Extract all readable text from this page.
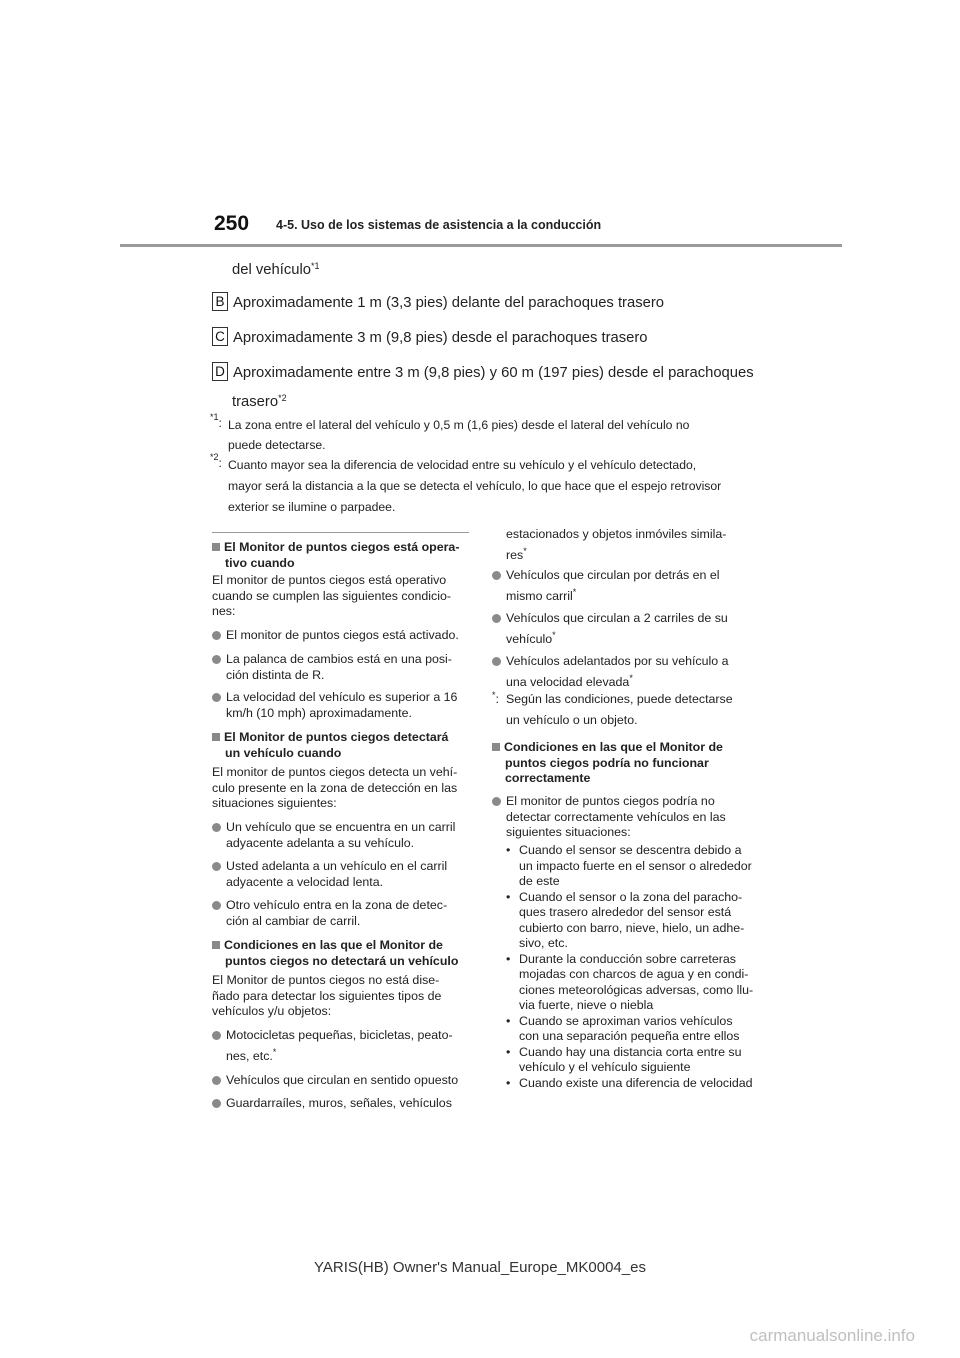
250 4-5. Uso de los sistemas de asistencia a la conducción
del vehículo$^{*1}$
B Aproximadamente 1 m (3,3 pies) delante del parachoques trasero
C Aproximadamente 3 m (9,8 pies) desde el parachoques trasero
D Aproximadamente entre 3 m (9,8 pies) y 60 m (197 pies) desde el parachoques
trasero$^{*2}$
$^{*1}$: La zona entre el lateral del vehículo y 0,5 m (1,6 pies) desde el lateral del vehículo no
puede detectarse.
$^{*2}$: Cuanto mayor sea la diferencia de velocidad entre su vehículo y el vehículo detectado,
mayor será la distancia a la que se detecta el vehículo, lo que hace que el espejo retrovisor
exterior se ilumine o parpadee.

El Monitor de puntos ciegos está opera-

tivo cuando

El monitor de puntos ciegos está operativo

cuando se cumplen las siguientes condicio-

nes:

El monitor de puntos ciegos está activado.

La palanca de cambios está en una posi-

ción distinta de R.

La velocidad del vehículo es superior a 16

km/h (10 mph) aproximadamente.

El Monitor de puntos ciegos detectará

un vehículo cuando

El monitor de puntos ciegos detecta un vehí-

culo presente en la zona de detección en las

situaciones siguientes:

Un vehículo que se encuentra en un carril

adyacente adelanta a su vehículo.

Usted adelanta a un vehículo en el carril

adyacente a velocidad lenta.

Otro vehículo entra en la zona de detec-

ción al cambiar de carril.

Condiciones en las que el Monitor de

puntos ciegos no detectará un vehículo

El Monitor de puntos ciegos no está dise-

ñado para detectar los siguientes tipos de

vehículos y/u objetos:

Motocicletas pequeñas, bicicletas, peato-

nes, etc.*

Vehículos que circulan en sentido opuesto

Guardarraíles, muros, señales, vehículos

estacionados y objetos inmóviles simila-

res*

Vehículos que circulan por detrás en el

mismo carril*

Vehículos que circulan a 2 carriles de su

vehículo*

Vehículos adelantados por su vehículo a

una velocidad elevada*

*: Según las condiciones, puede detectarse

un vehículo o un objeto.

Condiciones en las que el Monitor de

puntos ciegos podría no funcionar

correctamente

El monitor de puntos ciegos podría no

detectar correctamente vehículos en las

siguientes situaciones:

• Cuando el sensor se descentra debido a

un impacto fuerte en el sensor o alrededor

de este

• Cuando el sensor o la zona del paracho-

ques trasero alrededor del sensor está

cubierto con barro, nieve, hielo, un adhe-

sivo, etc.

• Durante la conducción sobre carreteras

mojadas con charcos de agua y en condi-

ciones meteorológicas adversas, como llu-

via fuerte, nieve o niebla

• Cuando se aproximan varios vehículos

con una separación pequeña entre ellos

• Cuando hay una distancia corta entre su

vehículo y el vehículo siguiente

• Cuando existe una diferencia de velocidad

YARIS(HB) Owner's Manual_Europe_MK0004_es
carmanualsonline.info
